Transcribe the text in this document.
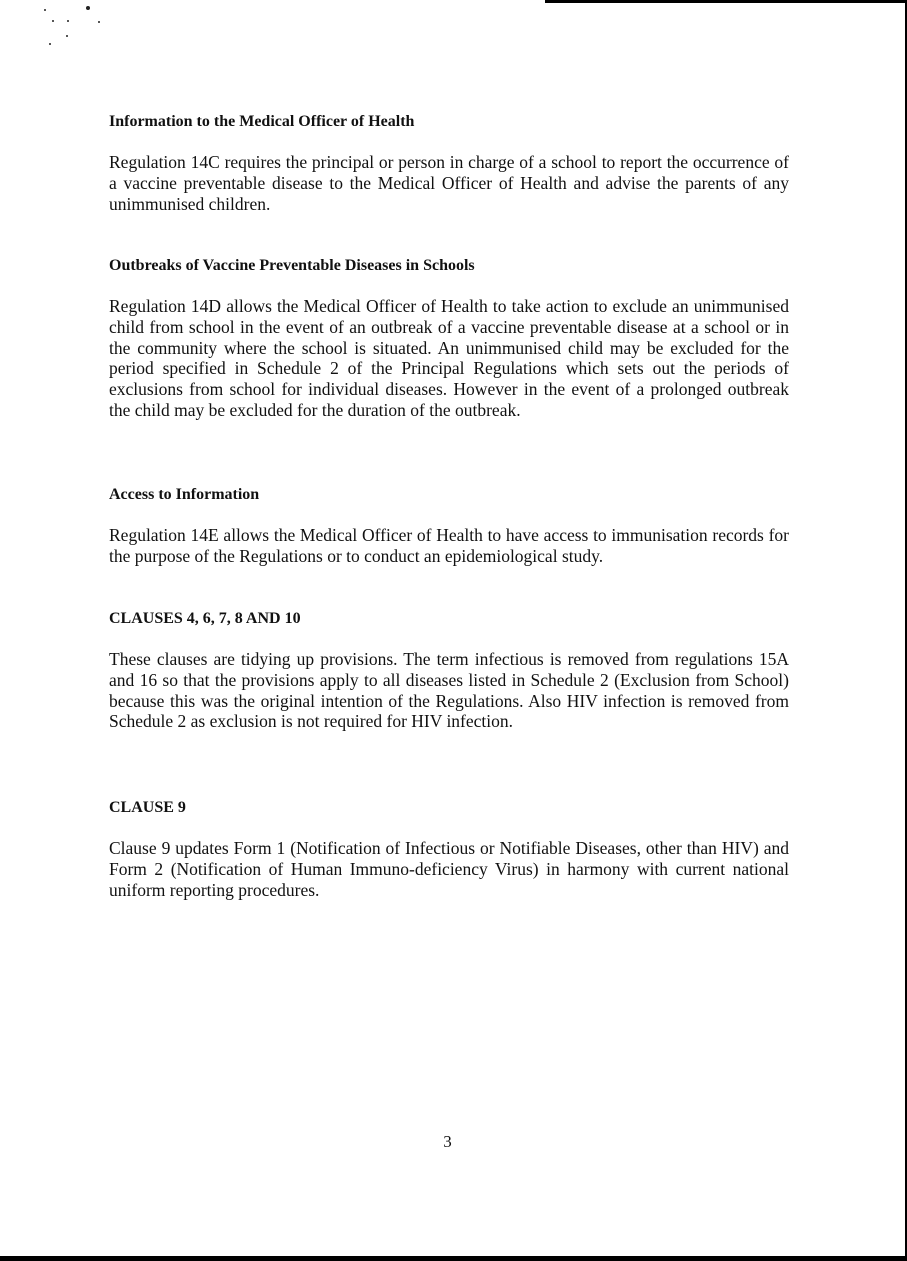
Information to the Medical Officer of Health

Regulation 14C requires the principal or person in charge of a school to report the occurrence of a vaccine preventable disease to the Medical Officer of Health and advise the parents of any unimmunised children.

Outbreaks of Vaccine Preventable Diseases in Schools

Regulation 14D allows the Medical Officer of Health to take action to exclude an unimmunised child from school in the event of an outbreak of a vaccine preventable disease at a school or in the community where the school is situated. An unimmunised child may be excluded for the period specified in Schedule 2 of the Principal Regulations which sets out the periods of exclusions from school for individual diseases. However in the event of a prolonged outbreak the child may be excluded for the duration of the outbreak.

Access to Information

Regulation 14E allows the Medical Officer of Health to have access to immunisation records for the purpose of the Regulations or to conduct an epidemiological study.

CLAUSES 4, 6, 7, 8 AND 10

These clauses are tidying up provisions. The term infectious is removed from regulations 15A and 16 so that the provisions apply to all diseases listed in Schedule 2 (Exclusion from School) because this was the original intention of the Regulations. Also HIV infection is removed from Schedule 2 as exclusion is not required for HIV infection.

CLAUSE 9

Clause 9 updates Form 1 (Notification of Infectious or Notifiable Diseases, other than HIV) and Form 2 (Notification of Human Immuno-deficiency Virus) in harmony with current national uniform reporting procedures.

3
